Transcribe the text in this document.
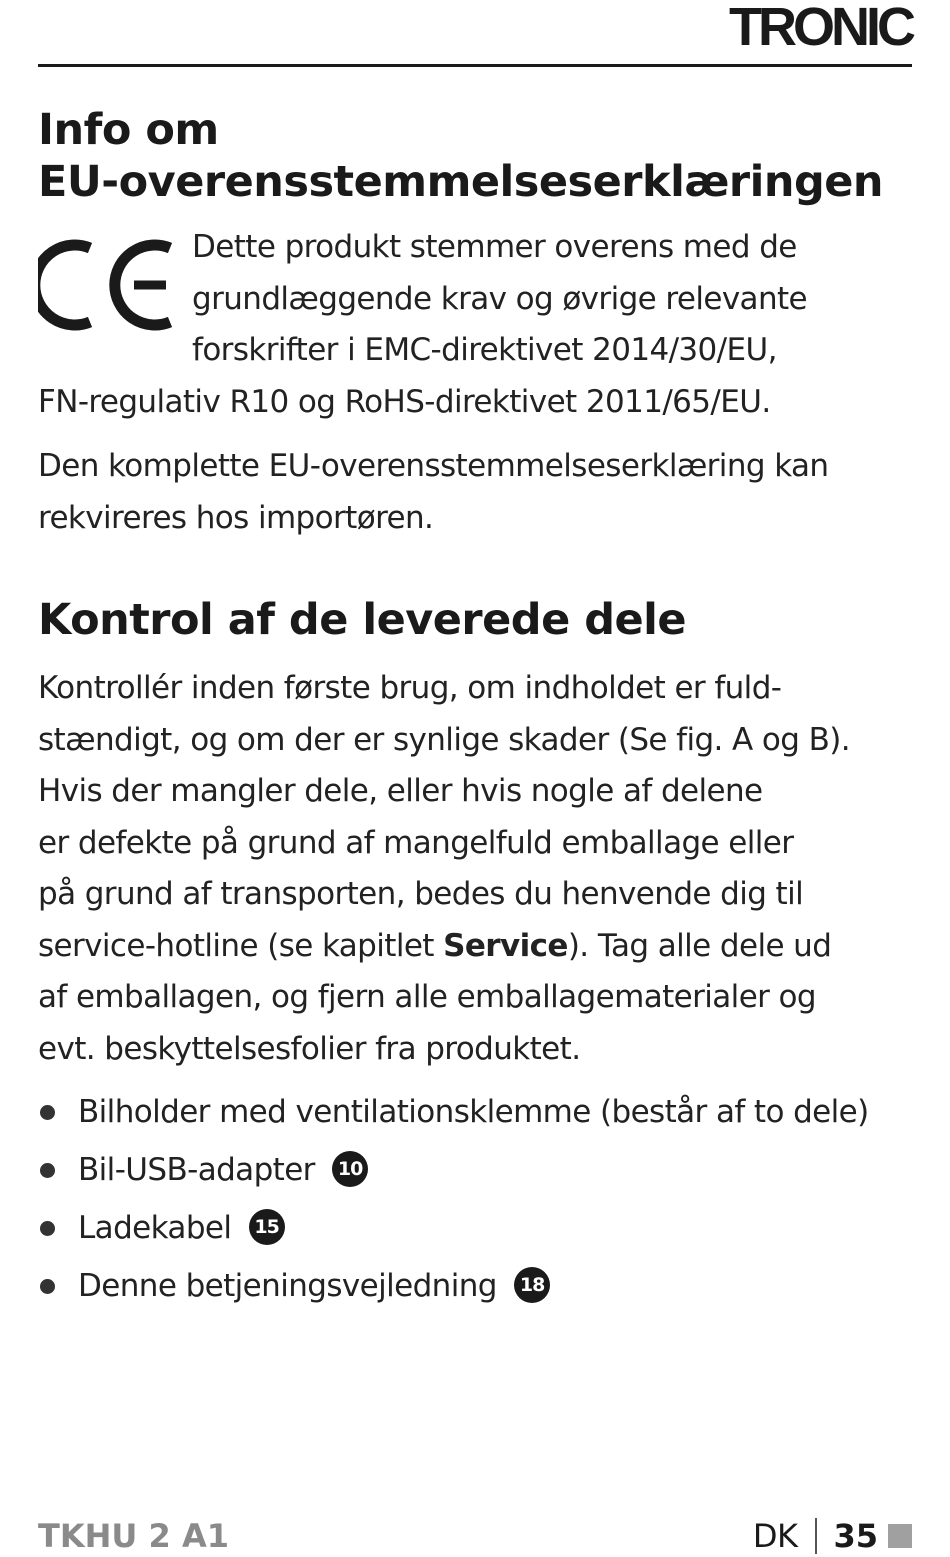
TRONIC
Info om
EU-overensstemmelseserklæringen
Dette produkt stemmer overens med de
grundlæggende krav og øvrige relevante
forskrifter i EMC-direktivet 2014/30/EU,
FN-regulativ R10 og RoHS-direktivet 2011/65/EU.

Den komplette EU-overensstemmelseserklæring kan
rekvireres hos importøren.

Kontrol af de leverede dele

Kontrollér inden første brug, om indholdet er fuld-
stændigt, og om der er synlige skader (Se fig. A og B).
Hvis der mangler dele, eller hvis nogle af delene
er defekte på grund af mangelfuld emballage eller
på grund af transporten, bedes du henvende dig til
service-hotline (se kapitlet Service). Tag alle dele ud
af emballagen, og fjern alle emballagematerialer og
evt. beskyttelsesfolier fra produktet.

Bilholder med ventilationsklemme (består af to dele)
Bil-USB-adapter 10
Ladekabel 15
Denne betjeningsvejledning 18
TKHU 2 A1	DK 35
